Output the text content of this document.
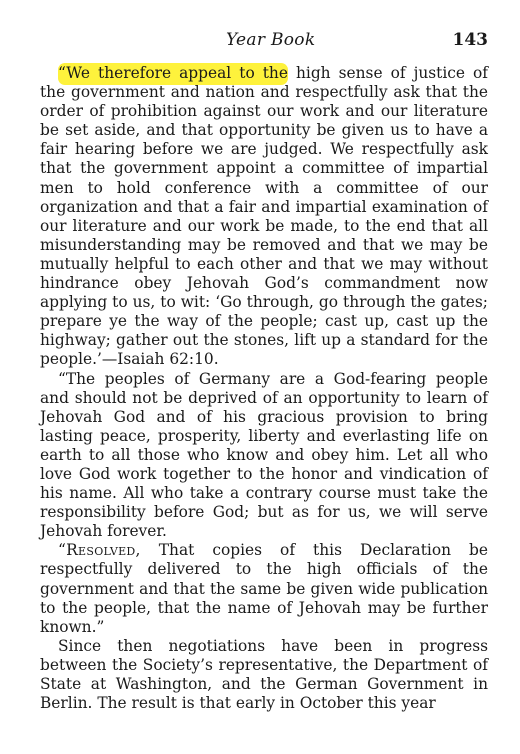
Year Book	143

“We therefore appeal to the high sense of justice of the government and nation and respectfully ask that the order of prohibition against our work and our literature be set aside, and that opportunity be given us to have a fair hearing before we are judged. We respectfully ask that the government appoint a committee of impartial men to hold conference with a committee of our organization and that a fair and impartial examination of our literature and our work be made, to the end that all misunderstanding may be removed and that we may be mutually helpful to each other and that we may without hindrance obey Jehovah God’s commandment now applying to us, to wit: ‘Go through, go through the gates; prepare ye the way of the people; cast up, cast up the highway; gather out the stones, lift up a standard for the people.’—Isaiah 62:10.

“The peoples of Germany are a God-fearing people and should not be deprived of an opportunity to learn of Jehovah God and of his gracious provision to bring lasting peace, prosperity, liberty and everlasting life on earth to all those who know and obey him. Let all who love God work together to the honor and vindication of his name. All who take a contrary course must take the responsibility before God; but as for us, we will serve Jehovah forever.

“Resolved, That copies of this Declaration be respectfully delivered to the high officials of the government and that the same be given wide publication to the people, that the name of Jehovah may be further known.”

Since then negotiations have been in progress between the Society’s representative, the Department of State at Washington, and the German Government in Berlin. The result is that early in October this year
